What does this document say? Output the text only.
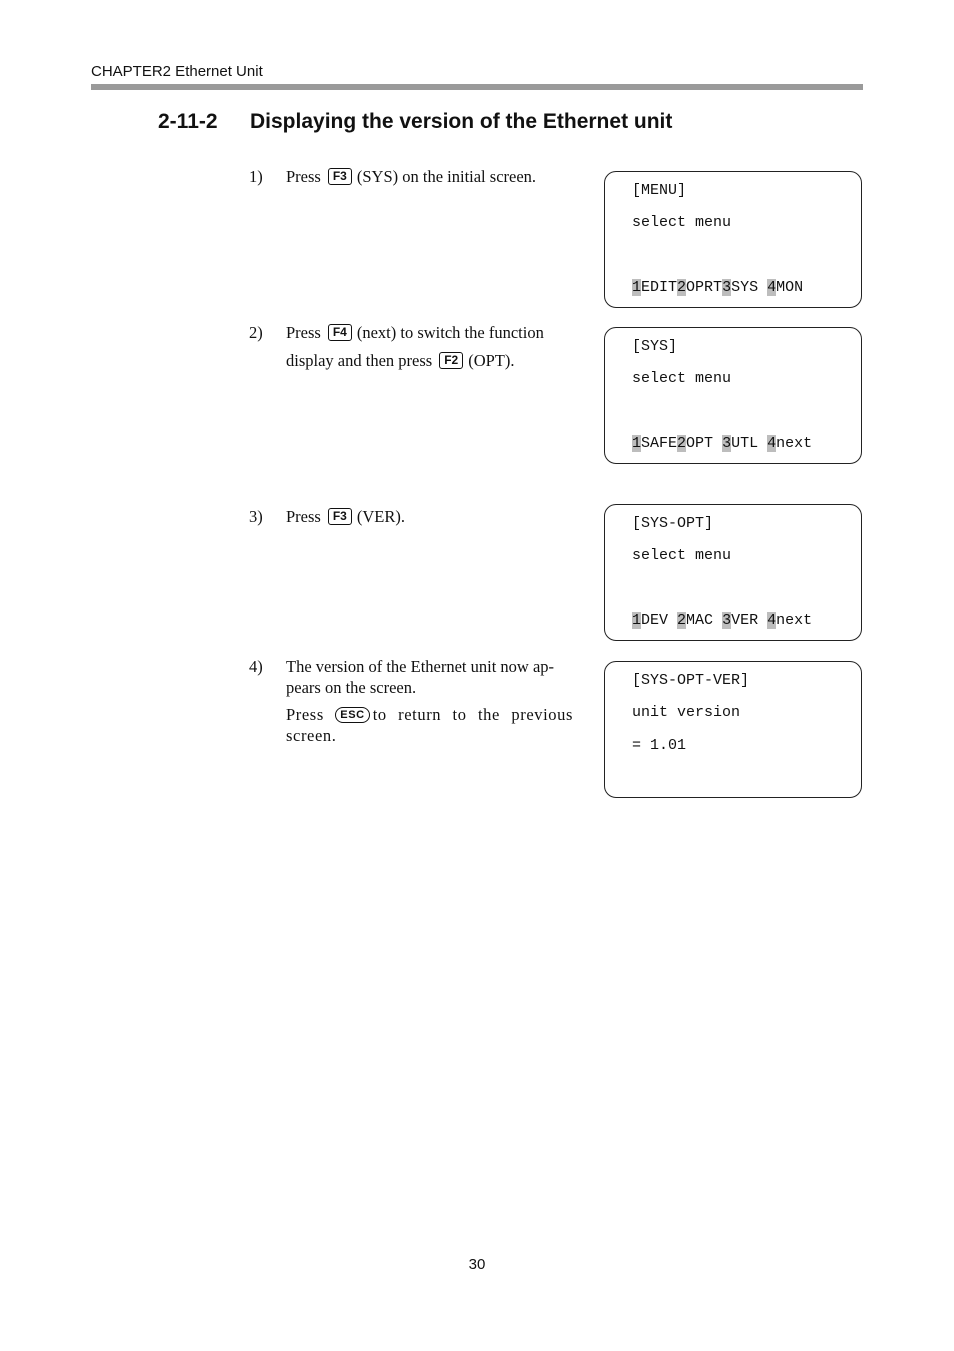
CHAPTER2 Ethernet Unit
2-11-2 Displaying the version of the Ethernet unit
1) Press F3 (SYS) on the initial screen.
2) Press F4 (next) to switch the function display and then press F2 (OPT).
3) Press F3 (VER).
4) The version of the Ethernet unit now ap-pears on the screen.

Press ESC to return to the previous screen.

[MENU]
select menu
1EDIT2OPRT3SYS 4MON
[SYS]
select menu
1SAFE2OPT 3UTL 4next
[SYS-OPT]
select menu
1DEV 2MAC 3VER 4next
[SYS-OPT-VER]
unit version
= 1.01
30
